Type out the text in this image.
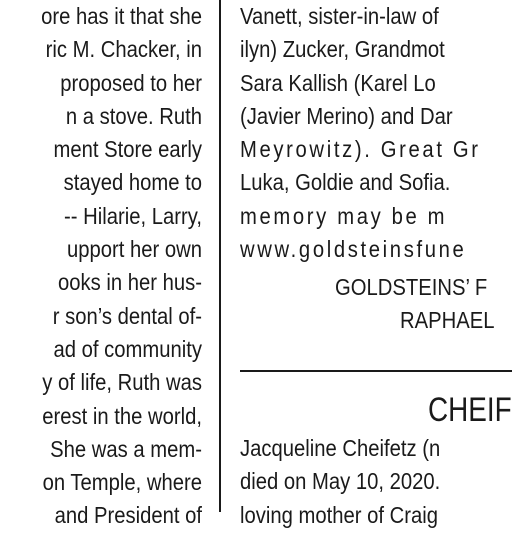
ore has it that she
ric M. Chacker, in
proposed to her
n a stove. Ruth
ment Store early
stayed home to
-- Hilarie, Larry,
upport her own
ooks in her hus-
r son’s dental of-
ad of community
y of life, Ruth was
erest in the world,
She was a mem-
on Temple, where
and President of
Vanett, sister-in-law of
ilyn) Zucker, Grandmot
Sara Kallish (Karel Lo
(Javier Merino) and Dar
Meyrowitz). Great Gr
Luka, Goldie and Sofia.
memory may be m
www.goldsteinsfune
GOLDSTEINS’ F
RAPHAEL
CHEIF
Jacqueline Cheifetz (n
died on May 10, 2020.
loving mother of Craig
